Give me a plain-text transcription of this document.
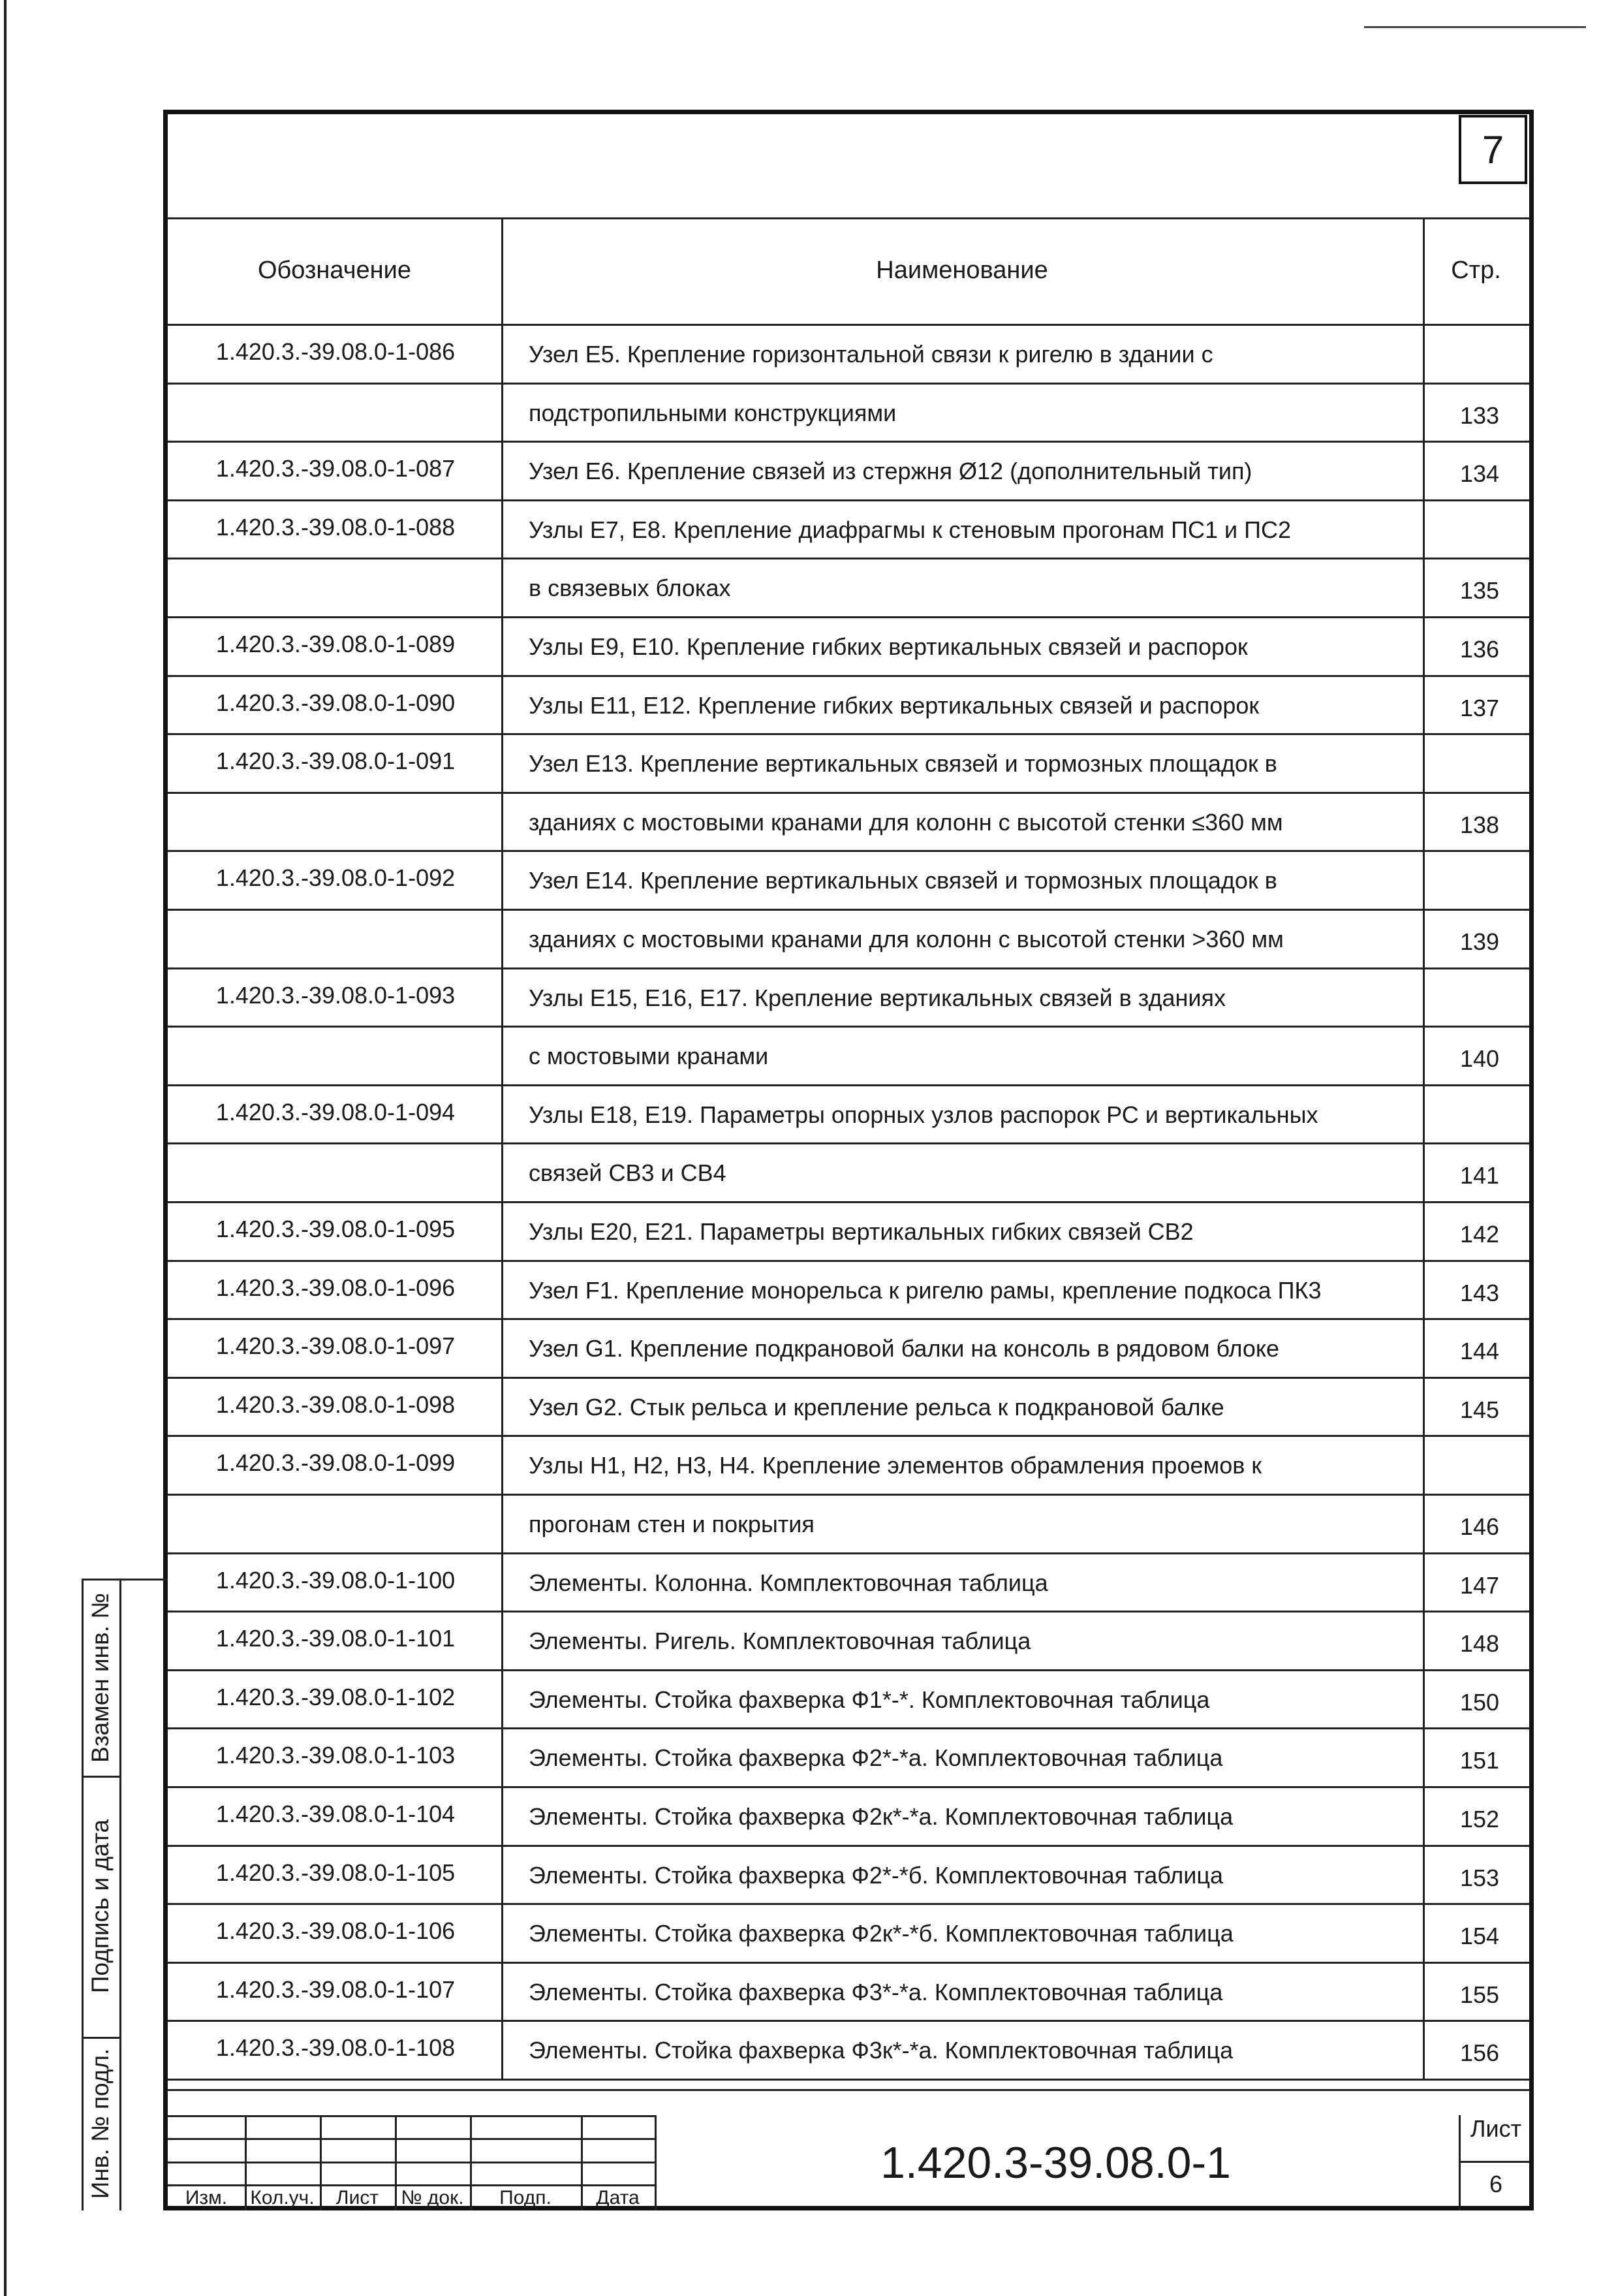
7
Обозначение	Наименование	Стр.
1.420.3.-39.08.0-1-086	Узел Е5. Крепление горизонтальной связи к ригелю в здании с
подстропильными конструкциями	133
1.420.3.-39.08.0-1-087	Узел Е6. Крепление связей из стержня Ø12 (дополнительный тип)	134
1.420.3.-39.08.0-1-088	Узлы Е7, Е8. Крепление диафрагмы к стеновым прогонам ПС1 и ПС2
в связевых блоках	135
1.420.3.-39.08.0-1-089	Узлы Е9, Е10. Крепление гибких вертикальных связей и распорок	136
1.420.3.-39.08.0-1-090	Узлы Е11, Е12. Крепление гибких вертикальных связей и распорок	137
1.420.3.-39.08.0-1-091	Узел Е13. Крепление вертикальных связей и тормозных площадок в
зданиях с мостовыми кранами для колонн с высотой стенки ≤360 мм	138
1.420.3.-39.08.0-1-092	Узел Е14. Крепление вертикальных связей и тормозных площадок в
зданиях с мостовыми кранами для колонн с высотой стенки >360 мм	139
1.420.3.-39.08.0-1-093	Узлы Е15, Е16, Е17. Крепление вертикальных связей в зданиях
с мостовыми кранами	140
1.420.3.-39.08.0-1-094	Узлы Е18, Е19. Параметры опорных узлов распорок РС и вертикальных
связей СВ3 и СВ4	141
1.420.3.-39.08.0-1-095	Узлы Е20, Е21. Параметры вертикальных гибких связей СВ2	142
1.420.3.-39.08.0-1-096	Узел F1. Крепление монорельса к ригелю рамы, крепление подкоса ПК3	143
1.420.3.-39.08.0-1-097	Узел G1. Крепление подкрановой балки на консоль в рядовом блоке	144
1.420.3.-39.08.0-1-098	Узел G2. Стык рельса и крепление рельса к подкрановой балке	145
1.420.3.-39.08.0-1-099	Узлы Н1, Н2, Н3, Н4. Крепление элементов обрамления проемов к
прогонам стен и покрытия	146
1.420.3.-39.08.0-1-100	Элементы. Колонна. Комплектовочная таблица	147
1.420.3.-39.08.0-1-101	Элементы. Ригель. Комплектовочная таблица	148
1.420.3.-39.08.0-1-102	Элементы. Стойка фахверка Ф1*-*. Комплектовочная таблица	150
1.420.3.-39.08.0-1-103	Элементы. Стойка фахверка Ф2*-*а. Комплектовочная таблица	151
1.420.3.-39.08.0-1-104	Элементы. Стойка фахверка Ф2к*-*а. Комплектовочная таблица	152
1.420.3.-39.08.0-1-105	Элементы. Стойка фахверка Ф2*-*б. Комплектовочная таблица	153
1.420.3.-39.08.0-1-106	Элементы. Стойка фахверка Ф2к*-*б. Комплектовочная таблица	154
1.420.3.-39.08.0-1-107	Элементы. Стойка фахверка Ф3*-*а. Комплектовочная таблица	155
1.420.3.-39.08.0-1-108	Элементы. Стойка фахверка Ф3к*-*а. Комплектовочная таблица	156
Взамен инв. №
Подпись и дата
Инв. № подл.	Изм.	Кол.уч.	Лист	№ док.	Подп.	Дата
1.420.3-39.08.0-1
Лист
6
